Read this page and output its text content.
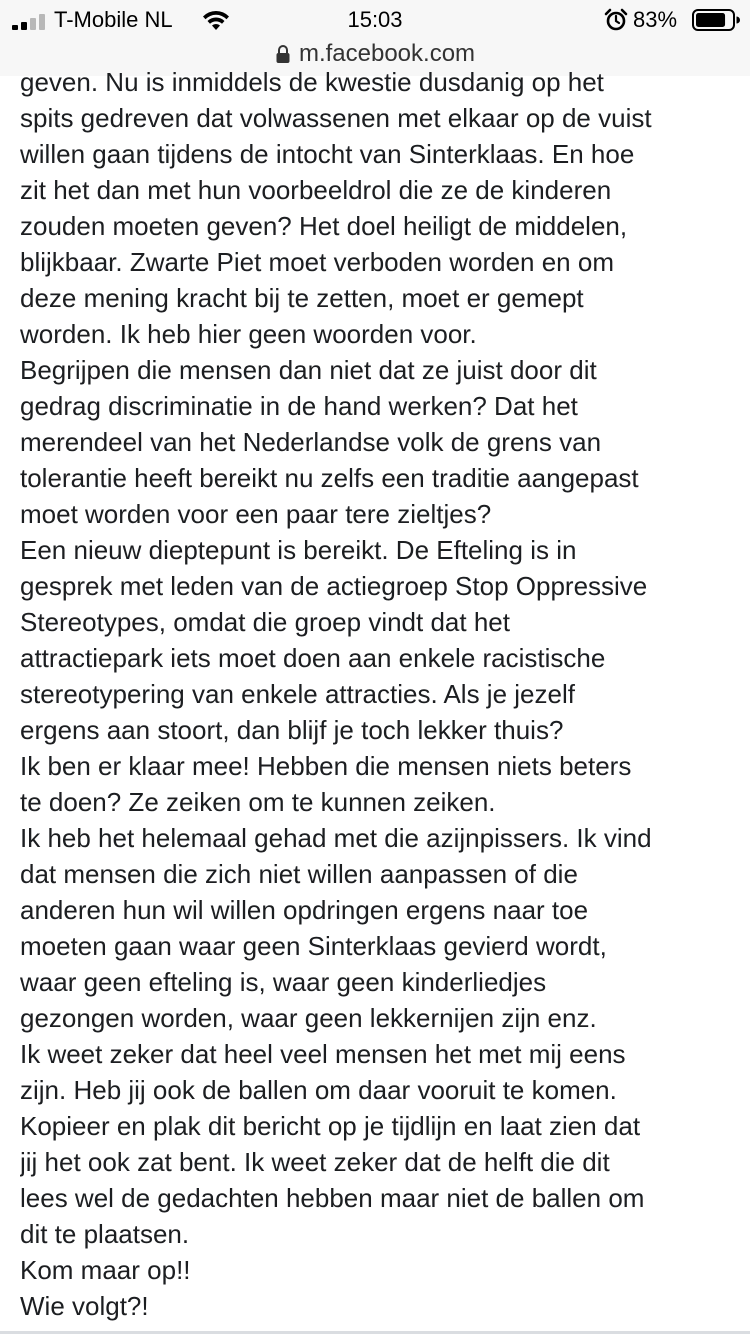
T-Mobile NL	15:03	83%
m.facebook.com
geven. Nu is inmiddels de kwestie dusdanig op het
spits gedreven dat volwassenen met elkaar op de vuist
willen gaan tijdens de intocht van Sinterklaas. En hoe
zit het dan met hun voorbeeldrol die ze de kinderen
zouden moeten geven? Het doel heiligt de middelen,
blijkbaar. Zwarte Piet moet verboden worden en om
deze mening kracht bij te zetten, moet er gemept
worden. Ik heb hier geen woorden voor.
Begrijpen die mensen dan niet dat ze juist door dit
gedrag discriminatie in de hand werken? Dat het
merendeel van het Nederlandse volk de grens van
tolerantie heeft bereikt nu zelfs een traditie aangepast
moet worden voor een paar tere zieltjes?
Een nieuw dieptepunt is bereikt. De Efteling is in
gesprek met leden van de actiegroep Stop Oppressive
Stereotypes, omdat die groep vindt dat het
attractiepark iets moet doen aan enkele racistische
stereotypering van enkele attracties. Als je jezelf
ergens aan stoort, dan blijf je toch lekker thuis?
Ik ben er klaar mee! Hebben die mensen niets beters
te doen? Ze zeiken om te kunnen zeiken.
Ik heb het helemaal gehad met die azijnpissers. Ik vind
dat mensen die zich niet willen aanpassen of die
anderen hun wil willen opdringen ergens naar toe
moeten gaan waar geen Sinterklaas gevierd wordt,
waar geen efteling is, waar geen kinderliedjes
gezongen worden, waar geen lekkernijen zijn enz.
Ik weet zeker dat heel veel mensen het met mij eens
zijn. Heb jij ook de ballen om daar vooruit te komen.
Kopieer en plak dit bericht op je tijdlijn en laat zien dat
jij het ook zat bent. Ik weet zeker dat de helft die dit
lees wel de gedachten hebben maar niet de ballen om
dit te plaatsen.
Kom maar op!!
Wie volgt?!
